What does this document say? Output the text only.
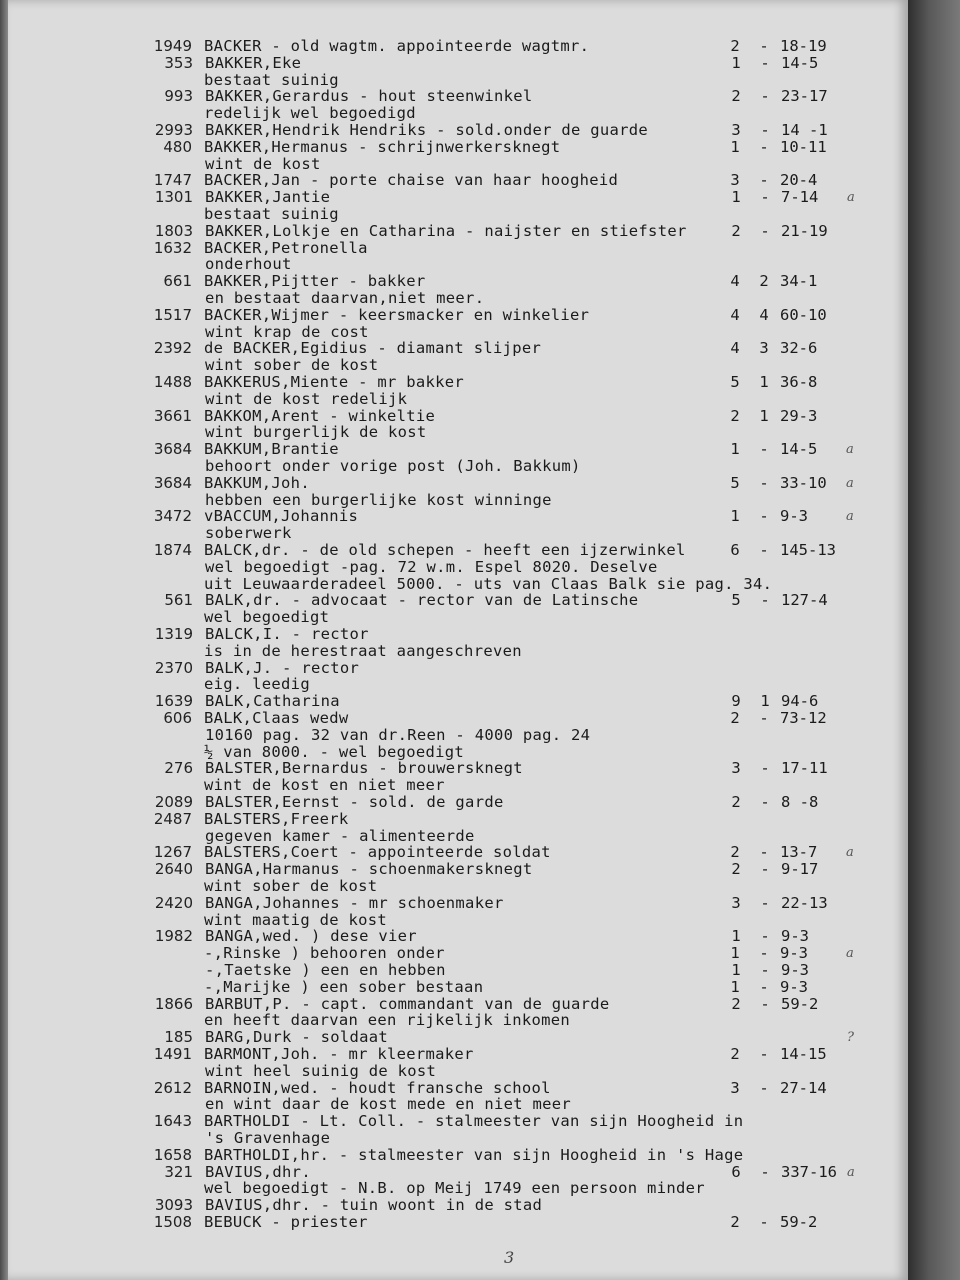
1949 BACKER - old wagtm. appointeerde wagtmr.	2	- 18-19
353 BAKKER,Eke	1	- 14-5
bestaat suinig
993 BAKKER,Gerardus - hout steenwinkel	2	- 23-17
redelijk wel begoedigd
2993 BAKKER,Hendrik Hendriks - sold.onder de guarde	3	- 14 -1
480 BAKKER,Hermanus - schrijnwerkersknegt	1	- 10-11
wint de kost
1747 BACKER,Jan - porte chaise van haar hoogheid	3	- 20-4
1301 BAKKER,Jantie	1	- 7-14 a
bestaat suinig
1803 BAKKER,Lolkje en Catharina - naijster en stiefster	2	- 21-19
1632 BACKER,Petronella
onderhout
661 BAKKER,Pijtter - bakker	4	2 34-1
en bestaat daarvan,niet meer.
1517 BACKER,Wijmer - keersmacker en winkelier	4	4 60-10
wint krap de cost
2392 de BACKER,Egidius - diamant slijper	4	3 32-6
wint sober de kost
1488 BAKKERUS,Miente - mr bakker	5	1 36-8
wint de kost redelijk
3661 BAKKOM,Arent - winkeltie	2	1 29-3
wint burgerlijk de kost
3684 BAKKUM,Brantie	1	- 14-5 a
behoort onder vorige post (Joh. Bakkum)
3684 BAKKUM,Joh.	5	- 33-10 a
hebben een burgerlijke kost winninge
3472 vBACCUM,Johannis	1	- 9-3	a
soberwerk
1874 BALCK,dr. - de old schepen - heeft een ijzerwinkel	6	- 145-13
wel begoedigt -pag. 72 w.m. Espel 8020. Deselve
uit Leuwaarderadeel 5000. - uts van Claas Balk sie pag. 34.
561 BALK,dr. - advocaat - rector van de Latinsche	5	- 127-4
wel begoedigt
1319 BALCK,I. - rector
is in de herestraat aangeschreven
2370 BALK,J. - rector
eig. leedig
1639 BALK,Catharina	9	1 94-6
606 BALK,Claas wedw	2	- 73-12
10160 pag. 32 van dr.Reen - 4000 pag. 24
½ van 8000. - wel begoedigt
276 BALSTER,Bernardus - brouwersknegt	3	- 17-11
wint de kost en niet meer
2089 BALSTER,Eernst - sold. de garde	2	- 8 -8
2487 BALSTERS,Freerk
gegeven kamer - alimenteerde
1267 BALSTERS,Coert - appointeerde soldat	2	- 13-7 a
2640 BANGA,Harmanus - schoenmakersknegt	2	- 9-17
wint sober de kost
2420 BANGA,Johannes - mr schoenmaker	3	- 22-13
wint maatig de kost
1982 BANGA,wed. ) dese vier	1	- 9-3
-,Rinske ) behooren onder	1	- 9-3	a
-,Taetske ) een en hebben	1	- 9-3
-,Marijke ) een sober bestaan	1	- 9-3
1866 BARBUT,P. - capt. commandant van de guarde	2	- 59-2
en heeft daarvan een rijkelijk inkomen
185 BARG,Durk - soldaat	?
1491 BARMONT,Joh. - mr kleermaker	2	- 14-15
wint heel suinig de kost
2612 BARNOIN,wed. - houdt fransche school	3	- 27-14
en wint daar de kost mede en niet meer
1643 BARTHOLDI - Lt. Coll. - stalmeester van sijn Hoogheid in
's Gravenhage
1658 BARTHOLDI,hr. - stalmeester van sijn Hoogheid in 's Hage
321 BAVIUS,dhr.	6	- 337-16 a
wel begoedigt - N.B. op Meij 1749 een persoon minder
3093 BAVIUS,dhr. - tuin woont in de stad
1508 BEBUCK - priester	2	- 59-2
3
